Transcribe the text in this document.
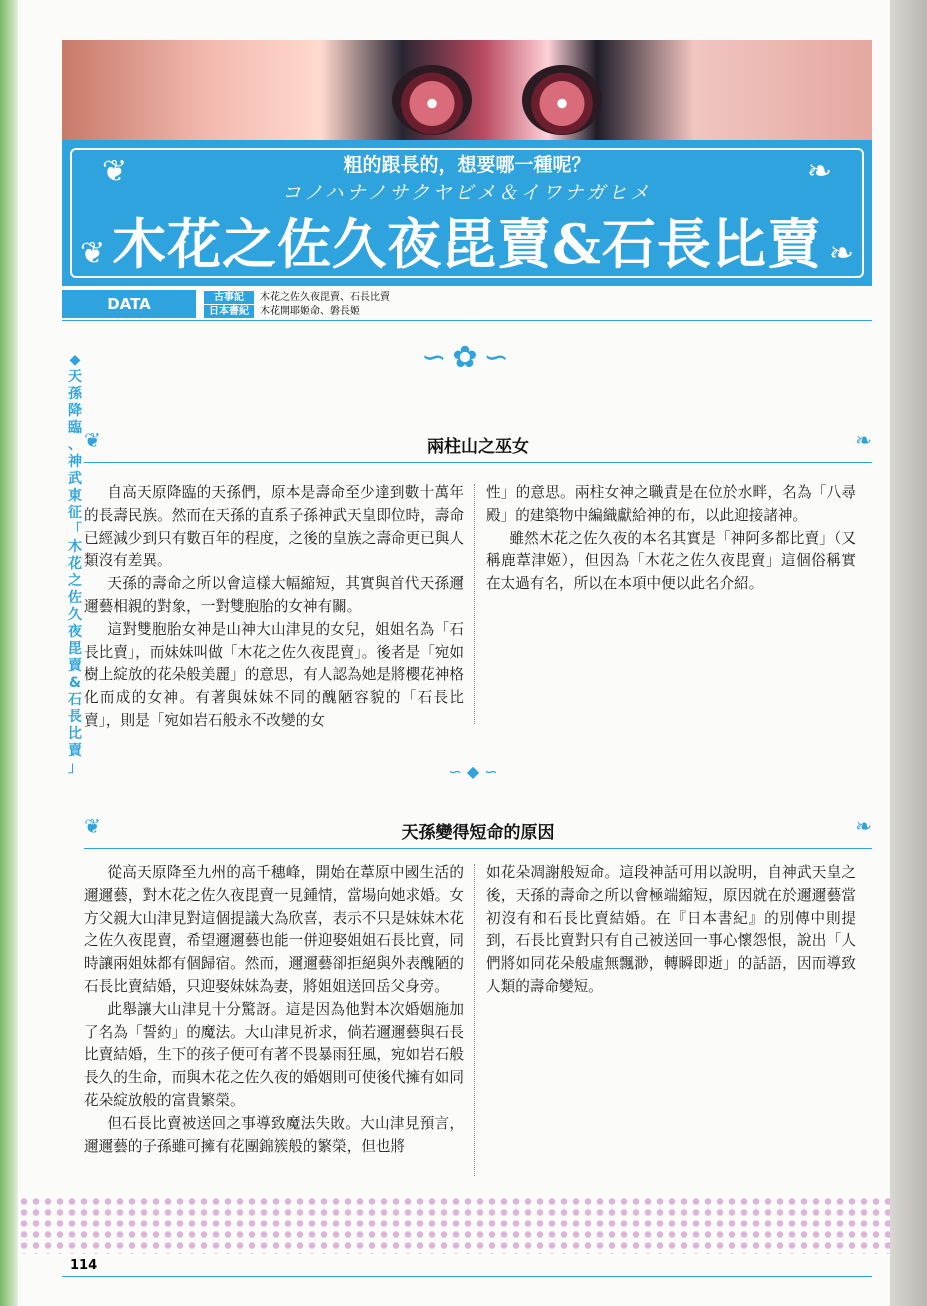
❦	❧
❦	❧
粗的跟長的，想要哪一種呢？
コノハナノサクヤビメ＆イワナガヒメ
木花之佐久夜毘賣&石長比賣
DATA	古事記 木花之佐久夜毘賣、石長比賣
日本書紀 木花開耶姬命、磐長姬
◆
天
孫
降
臨
、
神
武
東
征
「
木
花
之
佐
久
夜
毘
賣
&
石
長
比
賣
」
∽✿∽
❦	兩柱山之巫女	❧

自高天原降臨的天孫們，原本是壽命至少達到數十萬年的長壽民族。然而在天孫的直系子孫神武天皇即位時，壽命已經減少到只有數百年的程度，之後的皇族之壽命更已與人類沒有差異。

天孫的壽命之所以會這樣大幅縮短，其實與首代天孫邇邇藝相親的對象，一對雙胞胎的女神有關。

這對雙胞胎女神是山神大山津見的女兒，姐姐名為「石長比賣」，而妹妹叫做「木花之佐久夜毘賣」。後者是「宛如樹上綻放的花朵般美麗」的意思，有人認為她是將櫻花神格化而成的女神。有著與妹妹不同的醜陋容貌的「石長比賣」，則是「宛如岩石般永不改變的女

性」的意思。兩柱女神之職責是在位於水畔，名為「八尋殿」的建築物中編織獻給神的布，以此迎接諸神。

雖然木花之佐久夜的本名其實是「神阿多都比賣」（又稱鹿葦津姬），但因為「木花之佐久夜毘賣」這個俗稱實在太過有名，所以在本項中便以此名介紹。

∽ ◆ ∽
❦	天孫變得短命的原因	❧

從高天原降至九州的高千穗峰，開始在葦原中國生活的邇邇藝，對木花之佐久夜毘賣一見鍾情，當場向她求婚。女方父親大山津見對這個提議大為欣喜，表示不只是妹妹木花之佐久夜毘賣，希望邇邇藝也能一併迎娶姐姐石長比賣，同時讓兩姐妹都有個歸宿。然而，邇邇藝卻拒絕與外表醜陋的石長比賣結婚，只迎娶妹妹為妻，將姐姐送回岳父身旁。

此舉讓大山津見十分驚訝。這是因為他對本次婚姻施加了名為「誓約」的魔法。大山津見祈求，倘若邇邇藝與石長比賣結婚，生下的孩子便可有著不畏暴雨狂風，宛如岩石般長久的生命，而與木花之佐久夜的婚姻則可使後代擁有如同花朵綻放般的富貴繁榮。

但石長比賣被送回之事導致魔法失敗。大山津見預言，邇邇藝的子孫雖可擁有花團錦簇般的繁榮，但也將

如花朵凋謝般短命。這段神話可用以說明，自神武天皇之後，天孫的壽命之所以會極端縮短，原因就在於邇邇藝當初沒有和石長比賣結婚。在『日本書紀』的別傳中則提到，石長比賣對只有自己被送回一事心懷怨恨，說出「人們將如同花朵般虛無飄渺，轉瞬即逝」的話語，因而導致人類的壽命變短。

114
